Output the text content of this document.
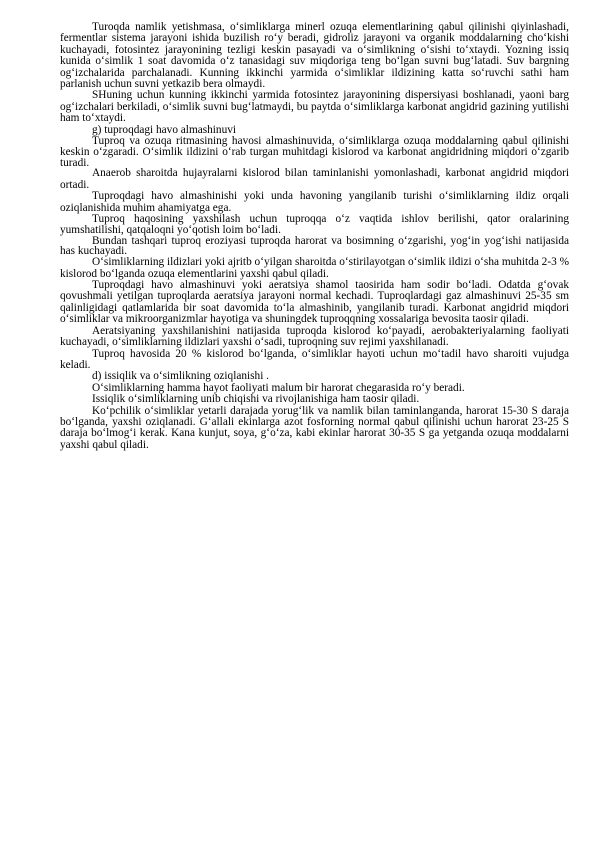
Turoqda namlik yetishmasa, oʻsimliklarga minerl ozuqa elementlarining qabul qilinishi qiyinlashadi, fermentlar sistema jarayoni ishida buzilish roʻy beradi, gidroliz jarayoni va organik moddalarning choʻkishi kuchayadi, fotosintez jarayonining tezligi keskin pasayadi va oʻsimlikning oʻsishi toʻxtaydi. Yozning issiq kunida oʻsimlik 1 soat davomida oʻz tanasidagi suv miqdoriga teng boʻlgan suvni bugʻlatadi. Suv bargning ogʻizchalarida parchalanadi. Kunning ikkinchi yarmida oʻsimliklar ildizining katta soʻruvchi sathi ham parlanish uchun suvni yetkazib bera olmaydi.

SHuning uchun kunning ikkinchi yarmida fotosintez jarayonining dispersiyasi boshlanadi, yaoni barg ogʻizchalari berkiladi, oʻsimlik suvni bugʻlatmaydi, bu paytda oʻsimliklarga karbonat angidrid gazining yutilishi ham toʻxtaydi.

g) tuproqdagi havo almashinuvi

Tuproq va ozuqa ritmasining havosi almashinuvida, oʻsimliklarga ozuqa moddalarning qabul qilinishi keskin oʻzgaradi. Oʻsimlik ildizini oʻrab turgan muhitdagi kislorod va karbonat angidridning miqdori oʻzgarib turadi.

Anaerob sharoitda hujayralarni kislorod bilan taminlanishi yomonlashadi, karbonat angidrid miqdori ortadi.

Tuproqdagi havo almashinishi yoki unda havoning yangilanib turishi oʻsimliklarning ildiz orqali oziqlanishida muhim ahamiyatga ega.

Tuproq haqosining yaxshilash uchun tuproqqa oʻz vaqtida ishlov berilishi, qator oralarining yumshatilishi, qatqaloqni yoʻqotish loim boʻladi.

Bundan tashqari tuproq eroziyasi tuproqda harorat va bosimning oʻzgarishi, yogʻin yogʻishi natijasida has kuchayadi.

Oʻsimliklarning ildizlari yoki ajritb oʻyilgan sharoitda oʻstirilayotgan oʻsimlik ildizi oʻsha muhitda 2-3 % kislorod boʻlganda ozuqa elementlarini yaxshi qabul qiladi.

Tuproqdagi havo almashinuvi yoki aeratsiya shamol taosirida ham sodir boʻladi. Odatda gʻovak qovushmali yetilgan tuproqlarda aeratsiya jarayoni normal kechadi. Tuproqlardagi gaz almashinuvi 25-35 sm qalinligidagi qatlamlarida bir soat davomida toʻla almashinib, yangilanib turadi. Karbonat angidrid miqdori oʻsimliklar va mikroorganizmlar hayotiga va shuningdek tuproqqning xossalariga bevosita taosir qiladi.

Aeratsiyaning yaxshilanishini natijasida tuproqda kislorod koʻpayadi, aerobakteriyalarning faoliyati kuchayadi, oʻsimliklarning ildizlari yaxshi oʻsadi, tuproqning suv rejimi yaxshilanadi.

Tuproq havosida 20 % kislorod boʻlganda, oʻsimliklar hayoti uchun moʻtadil havo sharoiti vujudga keladi.

d) issiqlik va oʻsimlikning oziqlanishi .

Oʻsimliklarning hamma hayot faoliyati malum bir harorat chegarasida roʻy beradi.

Issiqlik oʻsimliklarning unib chiqishi va rivojlanishiga ham taosir qiladi.

Koʻpchilik oʻsimliklar yetarli darajada yorugʻlik va namlik bilan taminlanganda, harorat 15-30 S daraja boʻlganda, yaxshi oziqlanadi. Gʻallali ekinlarga azot fosforning normal qabul qilinishi uchun harorat 23-25 S daraja boʻlmogʻi kerak. Kana kunjut, soya, gʻoʻza, kabi ekinlar harorat 30-35 S ga yetganda ozuqa moddalarni yaxshi qabul qiladi.
